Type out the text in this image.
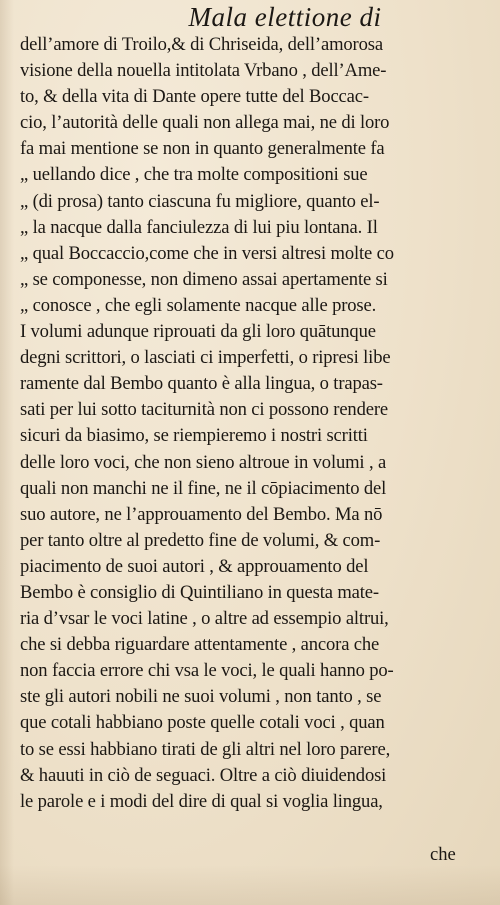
Mala elettione di
dell’amore di Troilo,& di Chriseida, dell’amorosa
visione della nouella intitolata Vrbano , dell’Ame-
to, & della vita di Dante opere tutte del Boccac-
cio, l’autorità delle quali non allega mai, ne di loro
fa mai mentione se non in quanto generalmente fa
„ uellando dice , che tra molte compositioni sue
„ (di prosa) tanto ciascuna fu migliore, quanto el-
„ la nacque dalla fanciulezza di lui piu lontana. Il
„ qual Boccaccio,come che in versi altresi molte co
„ se componesse, non dimeno assai apertamente si
„ conosce , che egli solamente nacque alle prose.
I volumi adunque riprouati da gli loro quātunque
degni scrittori, o lasciati ci imperfetti, o ripresi libe
ramente dal Bembo quanto è alla lingua, o trapas-
sati per lui sotto taciturnità non ci possono rendere
sicuri da biasimo, se riempieremo i nostri scritti
delle loro voci, che non sieno altroue in volumi , a
quali non manchi ne il fine, ne il cōpiacimento del
suo autore, ne l’approuamento del Bembo. Ma nō
per tanto oltre al predetto fine de volumi, & com-
piacimento de suoi autori , & approuamento del
Bembo è consiglio di Quintiliano in questa mate-
ria d’vsar le voci latine , o altre ad essempio altrui,
che si debba riguardare attentamente , ancora che
non faccia errore chi vsa le voci, le quali hanno po-
ste gli autori nobili ne suoi volumi , non tanto , se
que cotali habbiano poste quelle cotali voci , quan
to se essi habbiano tirati de gli altri nel loro parere,
& hauuti in ciò de seguaci. Oltre a ciò diuidendosi
le parole e i modi del dire di qual si voglia lingua,
che
